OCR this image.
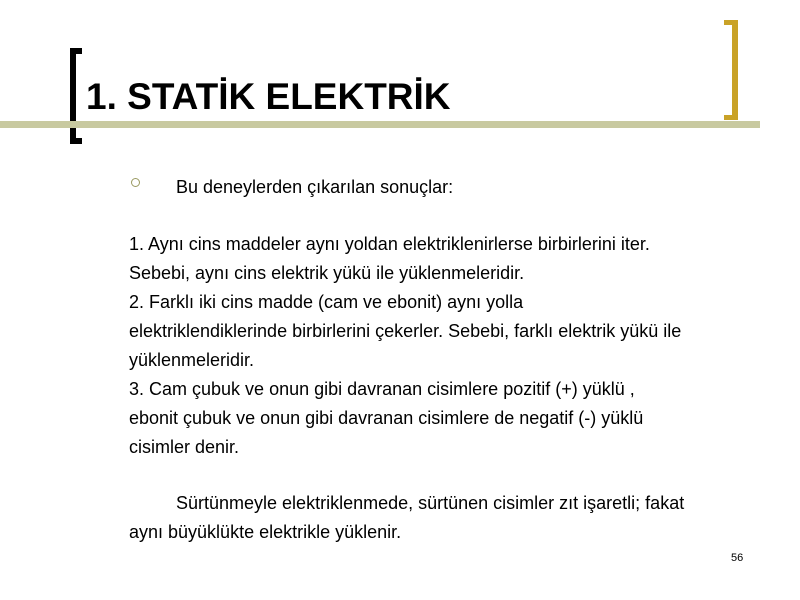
1. STATİK ELEKTRİK

Bu deneylerden çıkarılan sonuçlar:

1. Aynı cins maddeler aynı yoldan elektriklenirlerse birbirlerini iter.
Sebebi, aynı cins elektrik yükü ile yüklenmeleridir.
2. Farklı iki cins madde (cam ve ebonit) aynı yolla
elektriklendiklerinde birbirlerini çekerler. Sebebi, farklı elektrik yükü ile
yüklenmeleridir.
3. Cam çubuk ve onun gibi davranan cisimlere pozitif (+) yüklü ,
ebonit çubuk ve onun gibi davranan cisimlere de negatif (-) yüklü
cisimler denir.
Sürtünmeyle elektriklenmede, sürtünen cisimler zıt işaretli; fakat
aynı büyüklükte elektrikle yüklenir.

56
